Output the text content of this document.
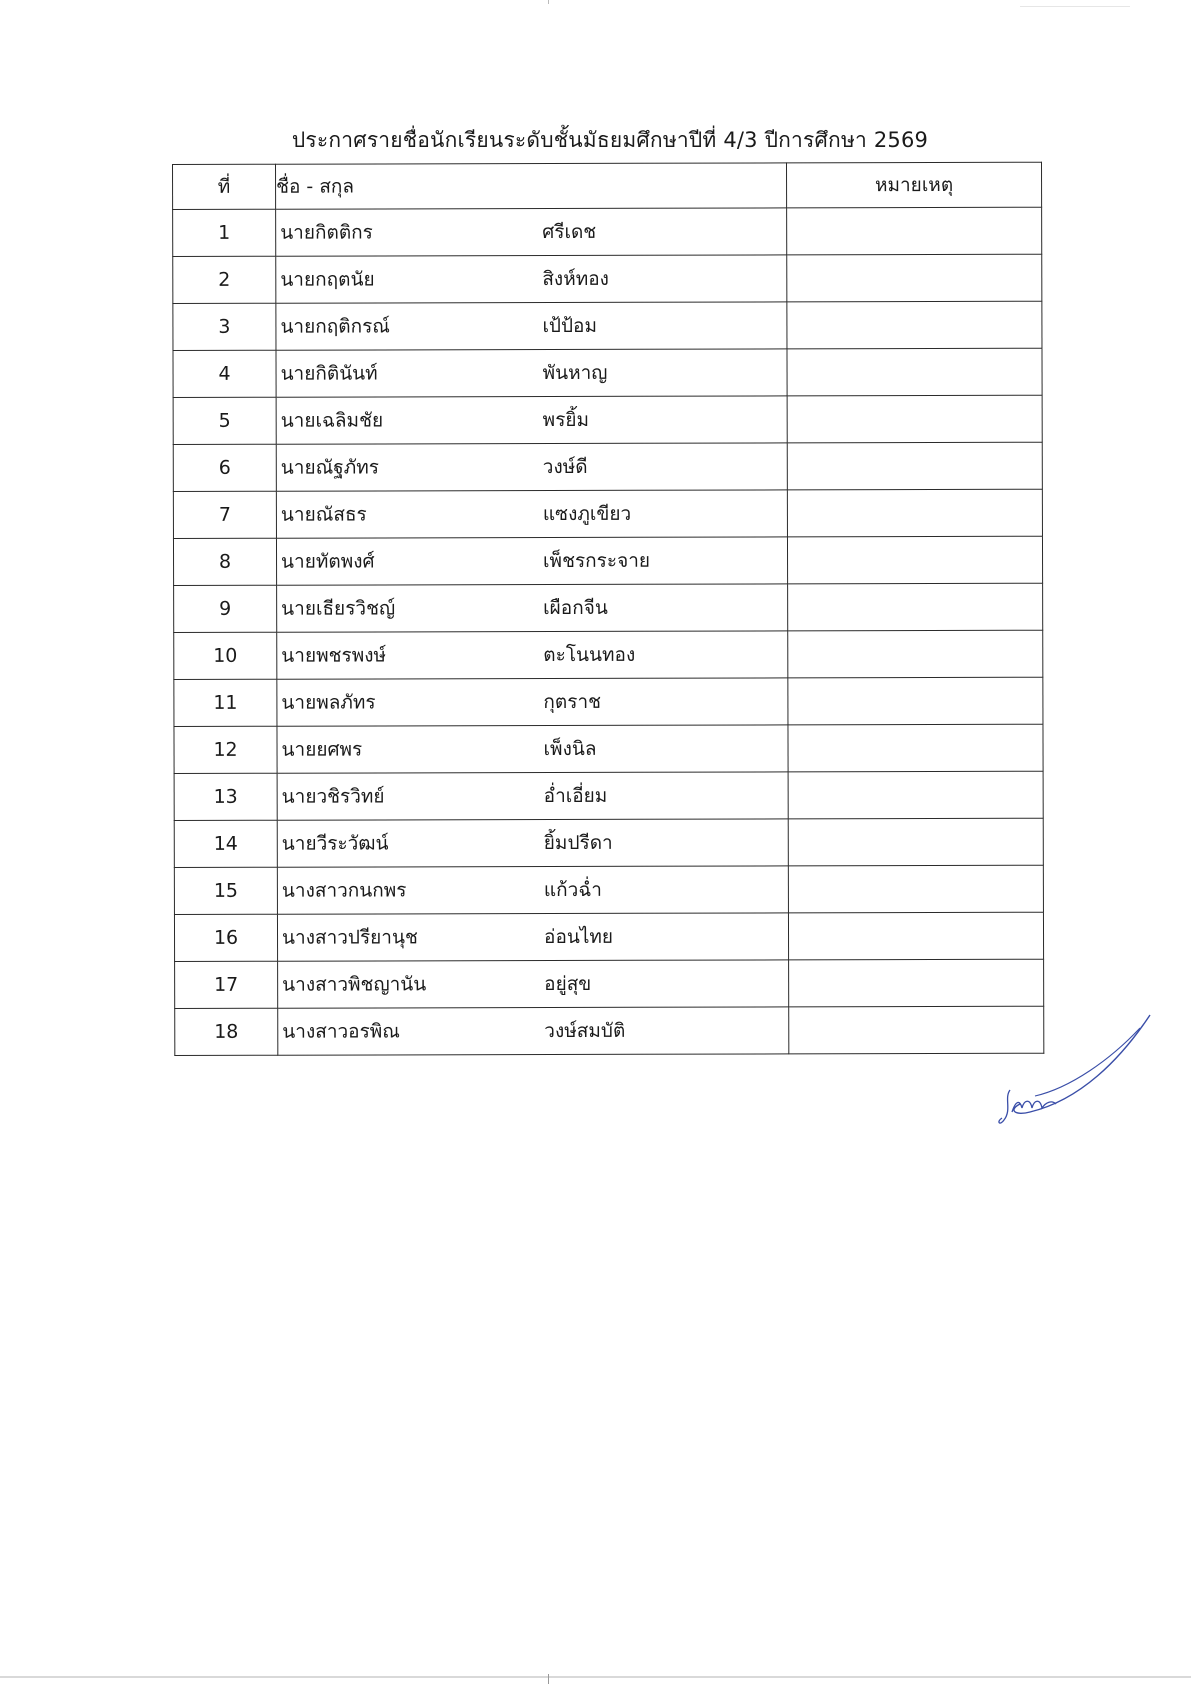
ประกาศรายชื่อนักเรียนระดับชั้นมัธยมศึกษาปีที่ 4/3 ปีการศึกษา 2569
ที่	ชื่อ - สกุล	หมายเหตุ
1	นายกิตติกร ศรีเดช	

2	นายกฤตนัย สิงห์ทอง	

3	นายกฤติกรณ์ เป้ป้อม	

4	นายกิตินันท์ พันหาญ	

5	นายเฉลิมชัย พรยิ้ม	

6	นายณัฐภัทร วงษ์ดี	

7	นายณัสธร แซงภูเขียว	

8	นายทัตพงศ์ เพ็ชรกระจาย	

9	นายเธียรวิชญ์ เผือกจีน	

10	นายพชรพงษ์ ตะโนนทอง	

11	นายพลภัทร กุตราช	

12	นายยศพร เพ็งนิล	

13	นายวชิรวิทย์ อ่ำเอี่ยม	

14	นายวีระวัฒน์ ยิ้มปรีดา	

15	นางสาวกนกพร แก้วฉ่ำ	

16	นางสาวปรียานุช อ่อนไทย	

17	นางสาวพิชญานัน อยู่สุข	

18	นางสาวอรพิณ วงษ์สมบัติ	
